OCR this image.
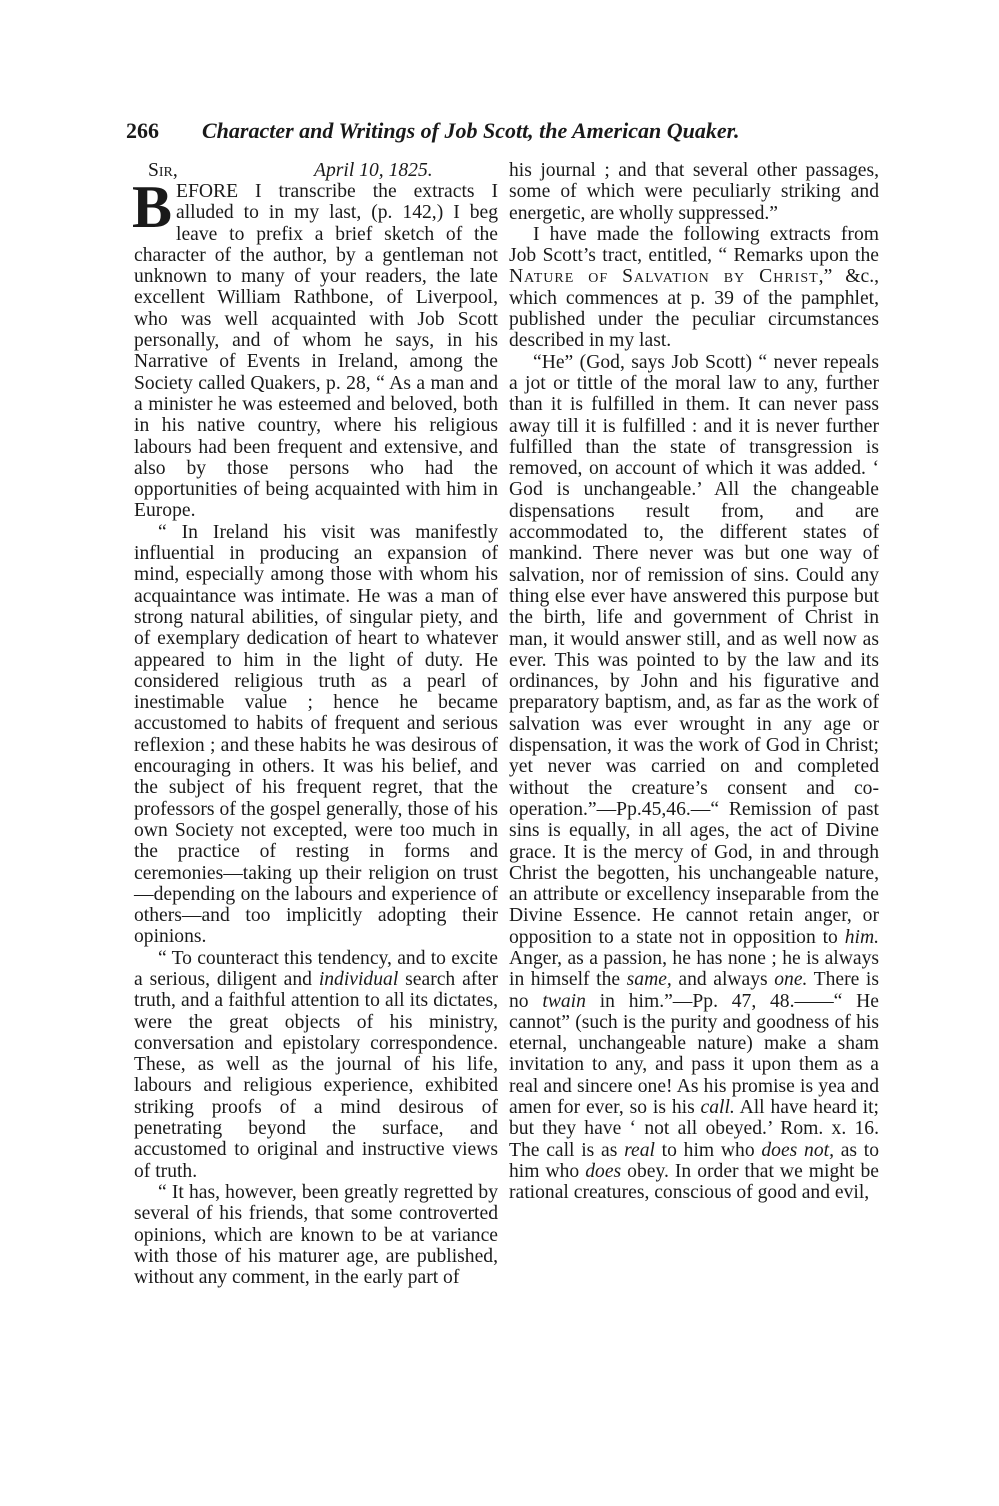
266 Character and Writings of Job Scott, the American Quaker.
Sir,	April 10, 1825.

BEFORE I transcribe the extracts I alluded to in my last, (p. 142,) I beg leave to prefix a brief sketch of the character of the author, by a gentleman not unknown to many of your readers, the late excellent William Rathbone, of Liverpool, who was well acquainted with Job Scott personally, and of whom he says, in his Narrative of Events in Ireland, among the Society called Quakers, p. 28, “ As a man and a minister he was esteemed and beloved, both in his native country, where his religious labours had been frequent and extensive, and also by those persons who had the opportunities of being acquainted with him in Europe.

“ In Ireland his visit was manifestly influential in producing an expansion of mind, especially among those with whom his acquaintance was intimate. He was a man of strong natural abilities, of singular piety, and of exemplary dedication of heart to whatever appeared to him in the light of duty. He considered religious truth as a pearl of inestimable value ; hence he became accustomed to habits of frequent and serious reflexion ; and these habits he was desirous of encouraging in others. It was his belief, and the subject of his frequent regret, that the professors of the gospel generally, those of his own Society not excepted, were too much in the practice of resting in forms and ceremonies—taking up their religion on trust—depending on the labours and experience of others—and too implicitly adopting their opinions.

“ To counteract this tendency, and to excite a serious, diligent and individual search after truth, and a faithful attention to all its dictates, were the great objects of his ministry, conversation and epistolary correspondence. These, as well as the journal of his life, labours and religious experience, exhibited striking proofs of a mind desirous of penetrating beyond the surface, and accustomed to original and instructive views of truth.

“ It has, however, been greatly regretted by several of his friends, that some controverted opinions, which are known to be at variance with those of his maturer age, are published, without any comment, in the early part of

his journal ; and that several other passages, some of which were peculiarly striking and energetic, are wholly suppressed.”

I have made the following extracts from Job Scott’s tract, entitled, “ Remarks upon the Nature of Salvation by Christ,” &c., which commences at p. 39 of the pamphlet, published under the peculiar circumstances described in my last.

“He” (God, says Job Scott) “ never repeals a jot or tittle of the moral law to any, further than it is fulfilled in them. It can never pass away till it is fulfilled : and it is never further fulfilled than the state of transgression is removed, on account of which it was added. ‘ God is unchangeable.’ All the changeable dispensations result from, and are accommodated to, the different states of mankind. There never was but one way of salvation, nor of remission of sins. Could any thing else ever have answered this purpose but the birth, life and government of Christ in man, it would answer still, and as well now as ever. This was pointed to by the law and its ordinances, by John and his figurative and preparatory baptism, and, as far as the work of salvation was ever wrought in any age or dispensation, it was the work of God in Christ; yet never was carried on and completed without the creature’s consent and co-operation.”—Pp.45,46.—“ Remission of past sins is equally, in all ages, the act of Divine grace. It is the mercy of God, in and through Christ the begotten, his unchangeable nature, an attribute or excellency inseparable from the Divine Essence. He cannot retain anger, or opposition to a state not in opposition to him. Anger, as a passion, he has none ; he is always in himself the same, and always one. There is no twain in him.”—Pp. 47, 48.——“ He cannot” (such is the purity and goodness of his eternal, unchangeable nature) make a sham invitation to any, and pass it upon them as a real and sincere one! As his promise is yea and amen for ever, so is his call. All have heard it; but they have ‘ not all obeyed.’ Rom. x. 16. The call is as real to him who does not, as to him who does obey. In order that we might be rational creatures, conscious of good and evil,
